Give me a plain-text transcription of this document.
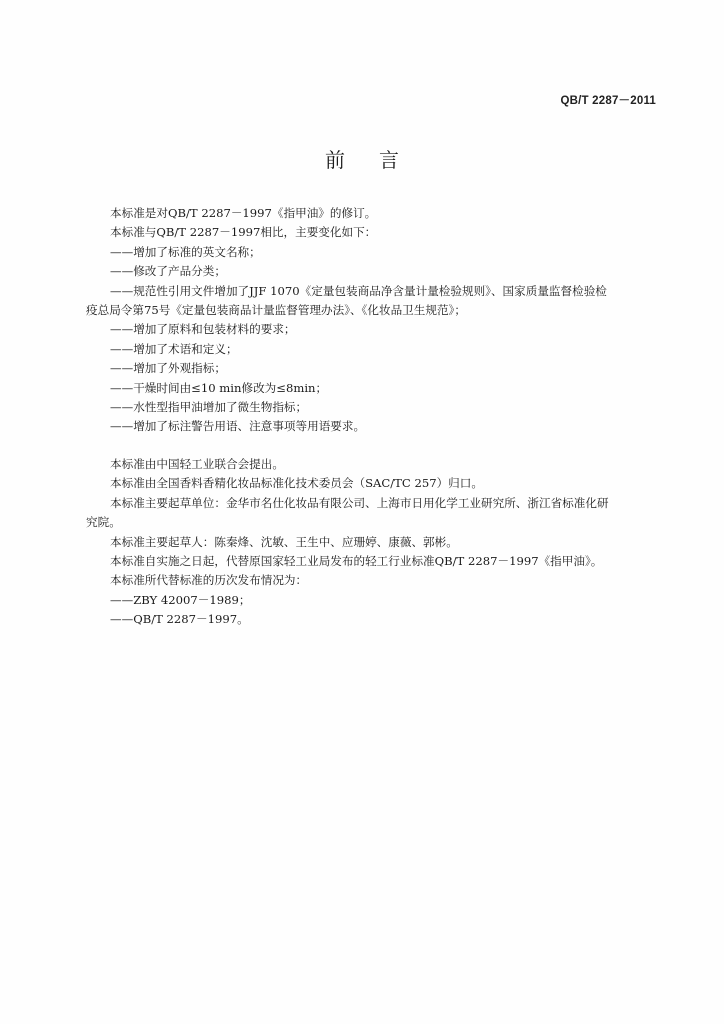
QB/T 2287－2011
前言
本标准是对QB/T 2287－1997《指甲油》的修订。
本标准与QB/T 2287－1997相比，主要变化如下：
——增加了标准的英文名称；
——修改了产品分类；
——规范性引用文件增加了JJF 1070《定量包装商品净含量计量检验规则》、国家质量监督检验检
疫总局令第75号《定量包装商品计量监督管理办法》、《化妆品卫生规范》；
——增加了原料和包装材料的要求；
——增加了术语和定义；
——增加了外观指标；
——干燥时间由≤10 min修改为≤8min；
——水性型指甲油增加了微生物指标；
——增加了标注警告用语、注意事项等用语要求。
本标准由中国轻工业联合会提出。
本标准由全国香料香精化妆品标准化技术委员会（SAC/TC 257）归口。
本标准主要起草单位：金华市名仕化妆品有限公司、上海市日用化学工业研究所、浙江省标准化研
究院。
本标准主要起草人：陈秦烽、沈敏、王生中、应珊婷、康薇、郭彬。
本标准自实施之日起，代替原国家轻工业局发布的轻工行业标准QB/T 2287－1997《指甲油》。
本标准所代替标准的历次发布情况为：
——ZBY 42007－1989；
——QB/T 2287－1997。
